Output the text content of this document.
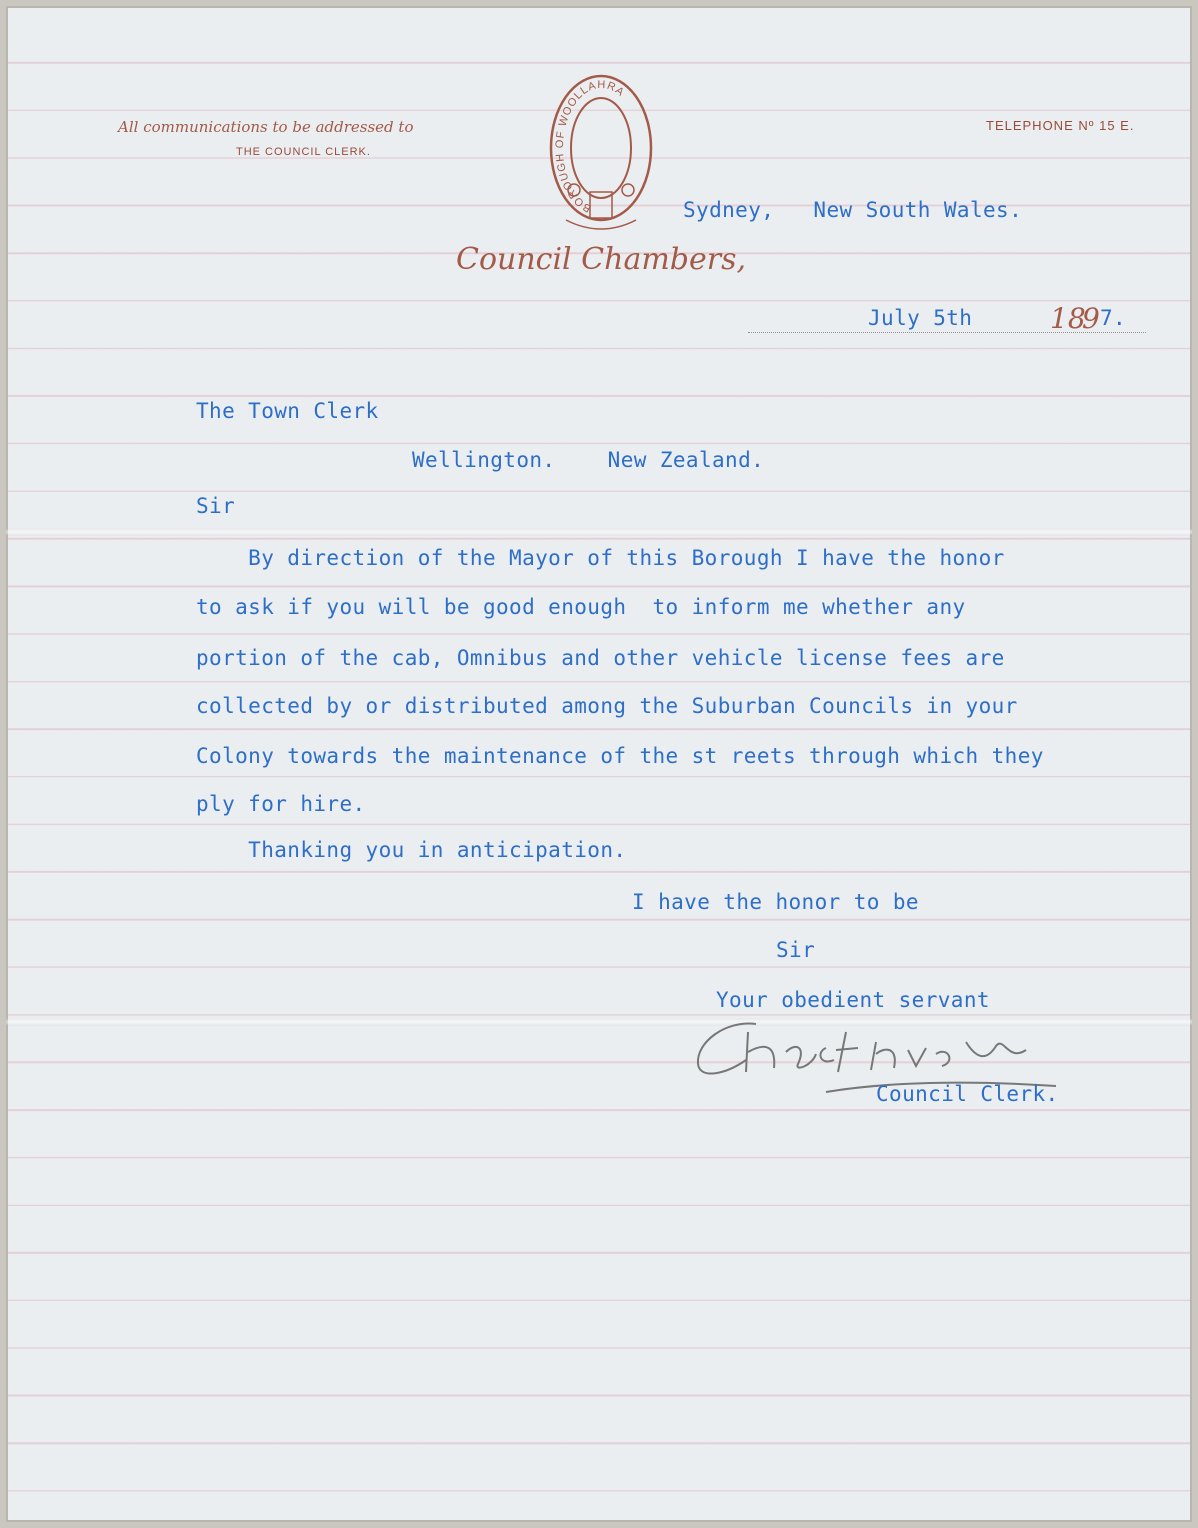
All communications to be addressed to
THE COUNCIL CLERK.
TELEPHONE Nº 15 E.
BOROUGH OF WOOLLAHRA
Council Chambers,
Sydney,   New South Wales.
July 5th	18
9 7.
The Town Clerk
Wellington.    New Zealand.
Sir
By direction of the Mayor of this Borough I have the honor
to ask if you will be good enough  to inform me whether any
portion of the cab, Omnibus and other vehicle license fees are
collected by or distributed among the Suburban Councils in your
Colony towards the maintenance of the st reets through which they
ply for hire.
Thanking you in anticipation.
I have the honor to be
Sir
Your obedient servant
Council Clerk.
